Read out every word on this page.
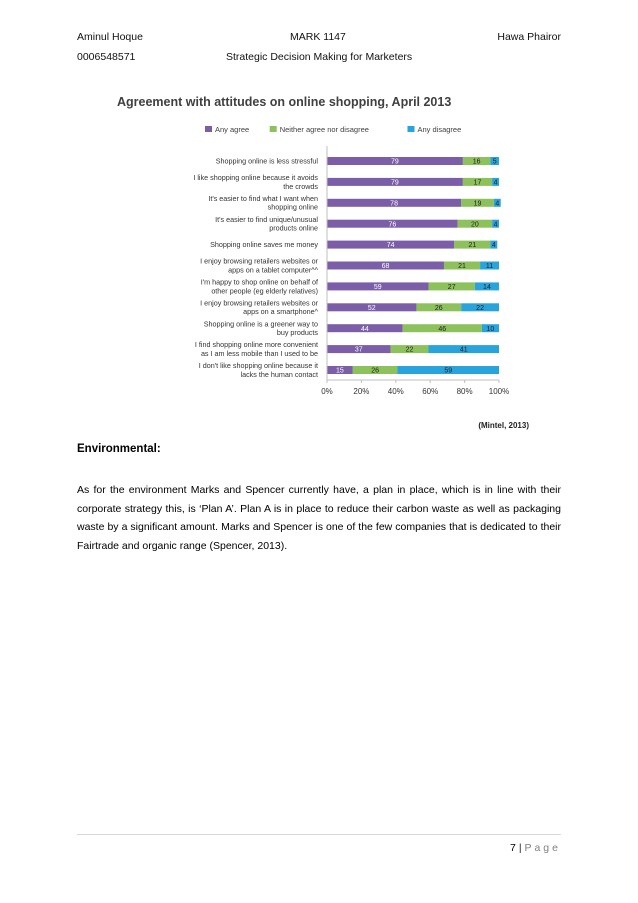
Aminul Hoque
0006548571
MARK 1147
Strategic Decision Making for Marketers
Hawa Phairor
Agreement with attitudes on online shopping, April 2013
Any agree	Neither agree nor disagree	Any disagree
Shopping online is less stressful	79	16 5
I like shopping online because it avoids
the crowds	79	17 4
It's easier to find what I want when
shopping online	78	19 4
It's easier to find unique/unusual
products online	76	20 4
Shopping online saves me money	74	21 4
I enjoy browsing retailers websites or
apps on a tablet computer^^	68	21	11
I'm happy to shop online on behalf of
other people (eg elderly relatives)	59	27	14
I enjoy browsing retailers websites or
apps on a smartphone^	52	26	22
Shopping online is a greener way to
buy products	44	46	10
I find shopping online more convenient
as I am less mobile than I used to be	37	22	41
I don't like shopping online because it
lacks the human contact	15	26	59
0%	20% 40% 60% 80% 100%
(Mintel, 2013)
Environmental:

As for the environment Marks and Spencer currently have, a plan in place, which is in line with their corporate strategy this, is ‘Plan A’. Plan A is in place to reduce their carbon waste as well as packaging waste by a significant amount. Marks and Spencer is one of the few companies that is dedicated to their Fairtrade and organic range (Spencer, 2013).

7 | Page
